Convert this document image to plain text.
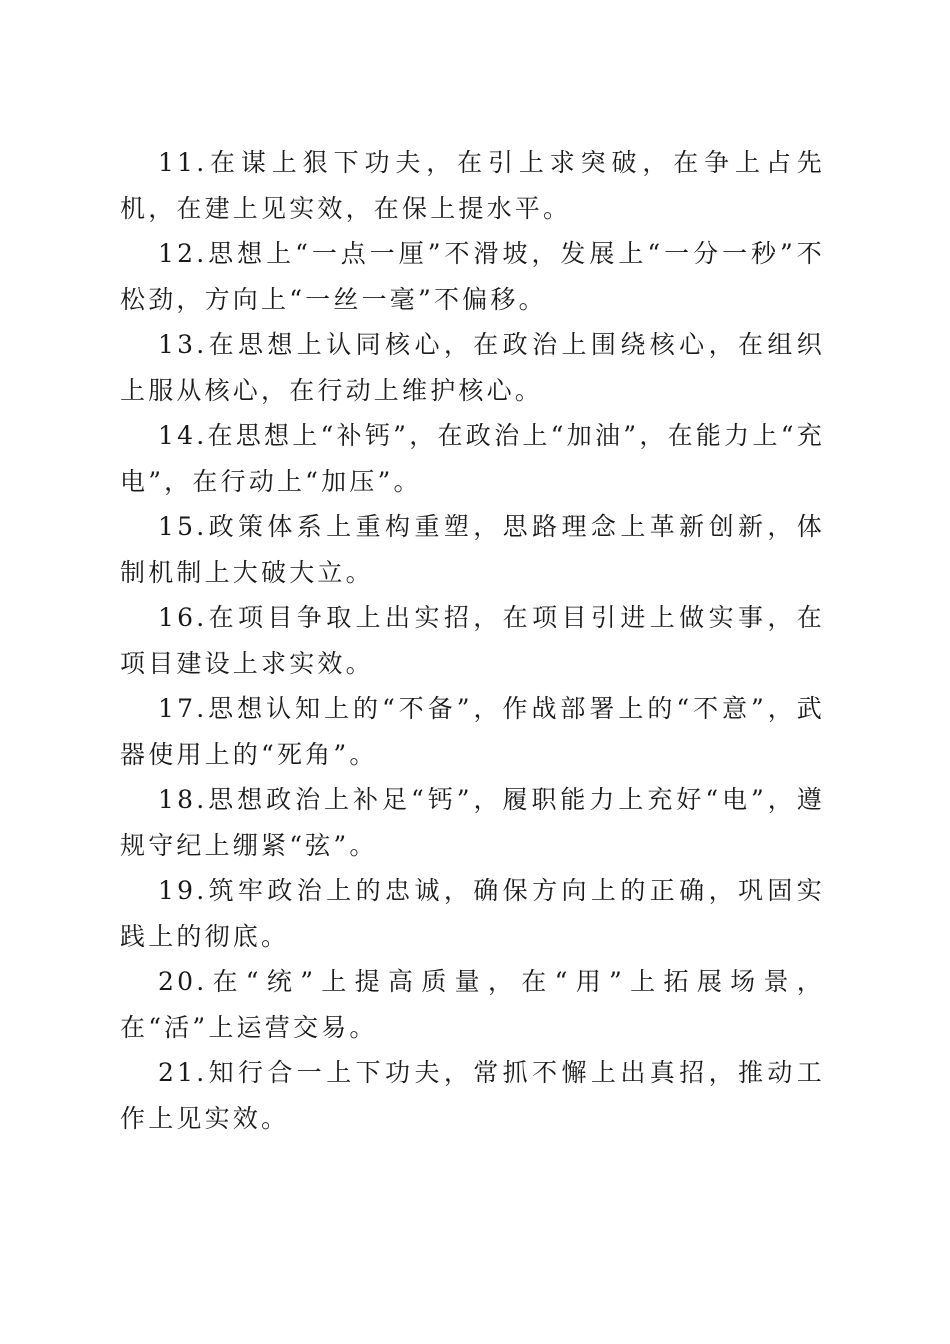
11.在谋上狠下功夫，在引上求突破，在争上占先机，在建上见实效，在保上提水平。

12.思想上“一点一厘”不滑坡，发展上“一分一秒”不松劲，方向上“一丝一毫”不偏移。

13.在思想上认同核心，在政治上围绕核心，在组织上服从核心，在行动上维护核心。

14.在思想上“补钙”，在政治上“加油”，在能力上“充电”，在行动上“加压”。

15.政策体系上重构重塑，思路理念上革新创新，体制机制上大破大立。

16.在项目争取上出实招，在项目引进上做实事，在项目建设上求实效。

17.思想认知上的“不备”，作战部署上的“不意”，武器使用上的“死角”。

18.思想政治上补足“钙”，履职能力上充好“电”，遵规守纪上绷紧“弦”。

19.筑牢政治上的忠诚，确保方向上的正确，巩固实践上的彻底。

20.在“统”上提高质量，在“用”上拓展场景，在“活”上运营交易。

21.知行合一上下功夫，常抓不懈上出真招，推动工作上见实效。
